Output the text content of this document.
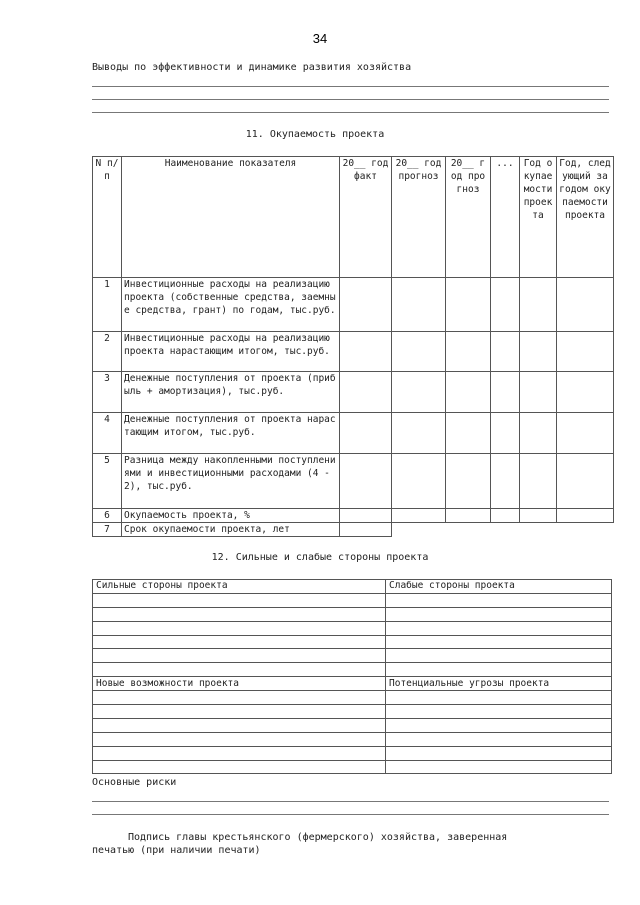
34
Выводы по эффективности и динамике развития хозяйства
11. Окупаемость проекта
N п/п	Наименование показателя	20__ год факт	20__ год прогноз	20__ год прогноз	...	Год окупаемости проекта	Год, следующий за годом окупаемости проекта
1	Инвестиционные расходы на реализацию проекта (собственные средства, заемные средства, грант) по годам, тыс.руб.						
2	Инвестиционные расходы на реализацию проекта нарастающим итогом, тыс.руб.						
3	Денежные поступления от проекта (прибыль + амортизация), тыс.руб.						
4	Денежные поступления от проекта нарастающим итогом, тыс.руб.						
5	Разница между накопленными поступлениями и инвестиционными расходами (4 - 2), тыс.руб.						
6	Окупаемость проекта, %						
7	Срок окупаемости проекта, лет						
12. Сильные и слабые стороны проекта
Сильные стороны проекта	Слабые стороны проекта

Новые возможности проекта	Потенциальные угрозы проекта

Основные риски
Подпись главы крестьянского (фермерского) хозяйства, заверенная
печатью (при наличии печати)
